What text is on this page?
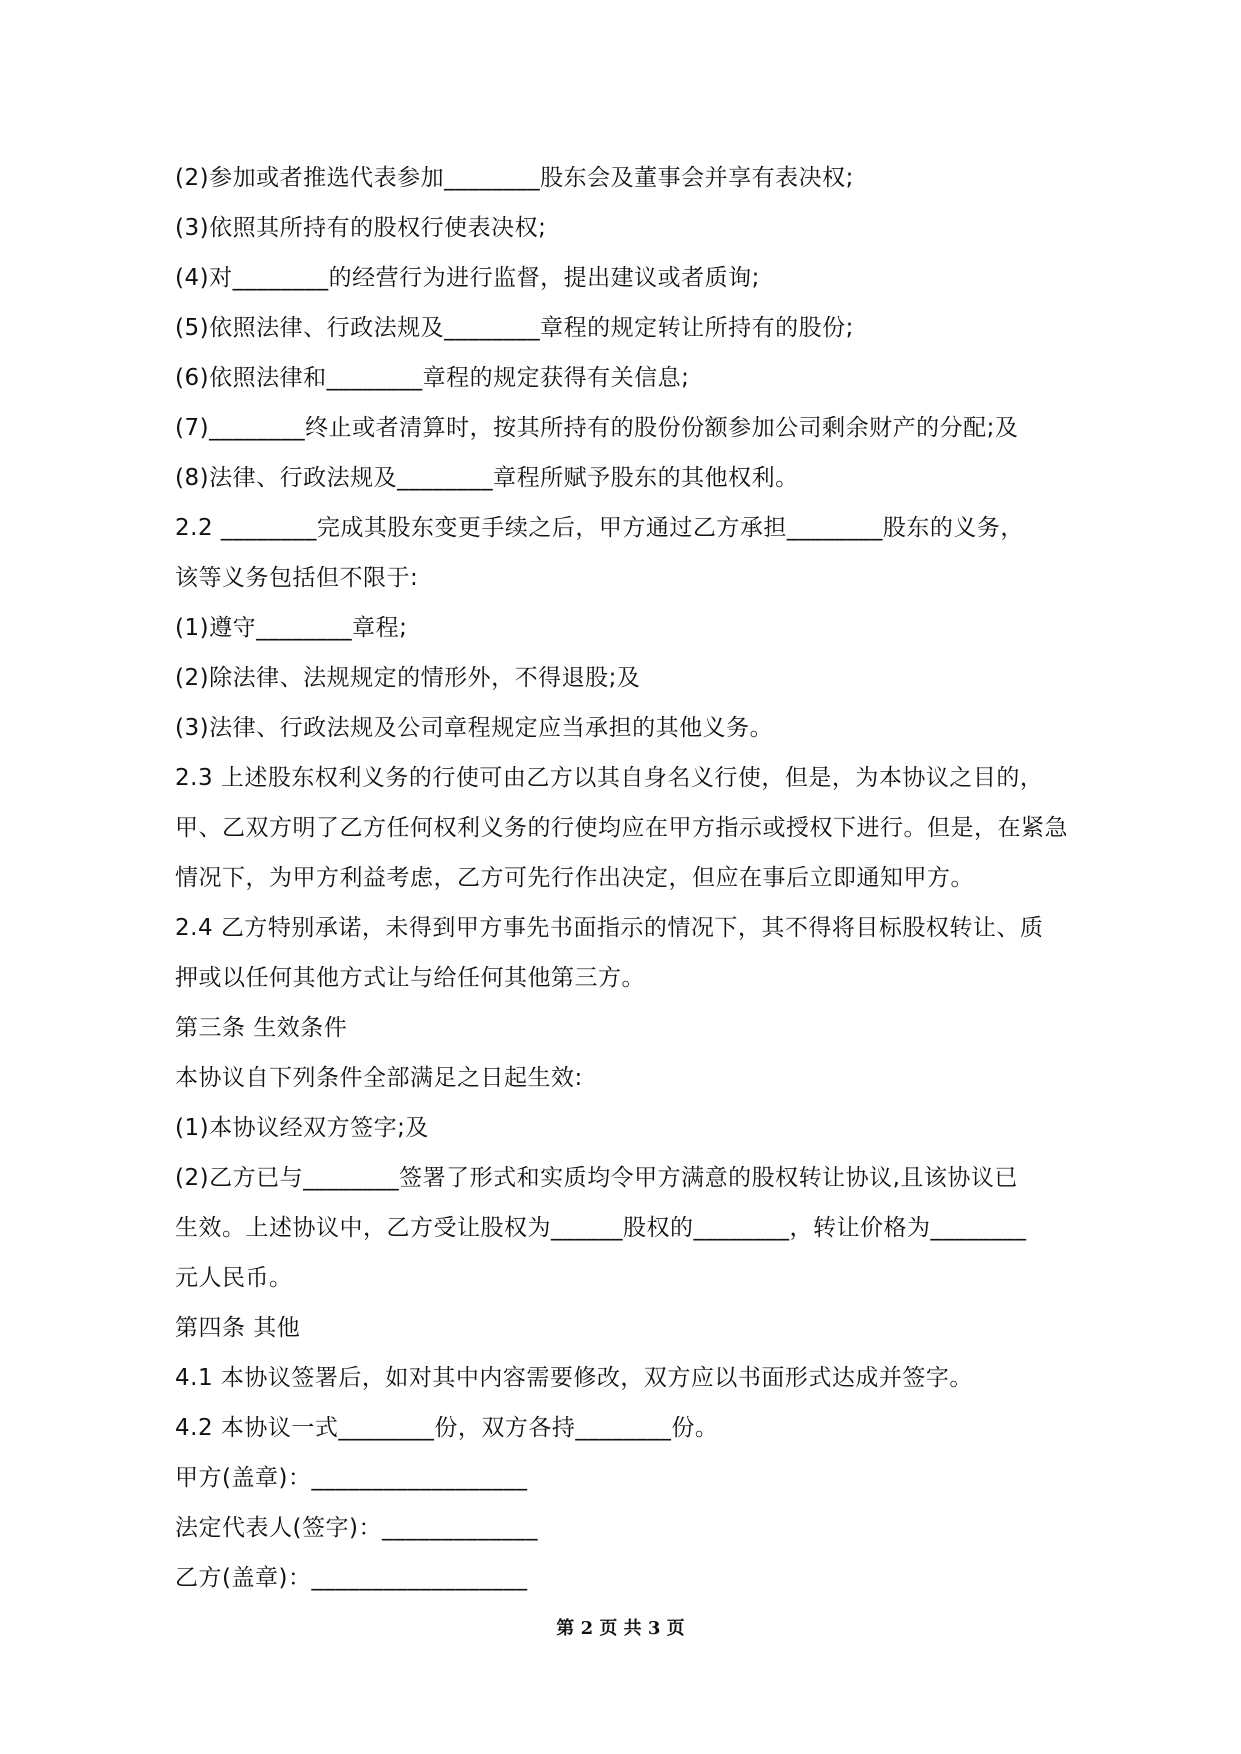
(2)参加或者推选代表参加________股东会及董事会并享有表决权;
(3)依照其所持有的股权行使表决权;
(4)对________的经营行为进行监督，提出建议或者质询;
(5)依照法律、行政法规及________章程的规定转让所持有的股份;
(6)依照法律和________章程的规定获得有关信息;
(7)________终止或者清算时，按其所持有的股份份额参加公司剩余财产的分配;及
(8)法律、行政法规及________章程所赋予股东的其他权利。
2.2 ________完成其股东变更手续之后，甲方通过乙方承担________股东的义务，
该等义务包括但不限于:
(1)遵守________章程;
(2)除法律、法规规定的情形外，不得退股;及
(3)法律、行政法规及公司章程规定应当承担的其他义务。
2.3 上述股东权利义务的行使可由乙方以其自身名义行使，但是，为本协议之目的，
甲、乙双方明了乙方任何权利义务的行使均应在甲方指示或授权下进行。但是，在紧急
情况下，为甲方利益考虑，乙方可先行作出决定，但应在事后立即通知甲方。
2.4 乙方特别承诺，未得到甲方事先书面指示的情况下，其不得将目标股权转让、质
押或以任何其他方式让与给任何其他第三方。
第三条 生效条件
本协议自下列条件全部满足之日起生效:
(1)本协议经双方签字;及
(2)乙方已与________签署了形式和实质均令甲方满意的股权转让协议,且该协议已
生效。上述协议中，乙方受让股权为______股权的________，转让价格为________
元人民币。
第四条 其他
4.1 本协议签署后，如对其中内容需要修改，双方应以书面形式达成并签字。
4.2 本协议一式________份，双方各持________份。
甲方(盖章)：__________________
法定代表人(签字)：_____________
乙方(盖章)：__________________
第 2 页 共 3 页
